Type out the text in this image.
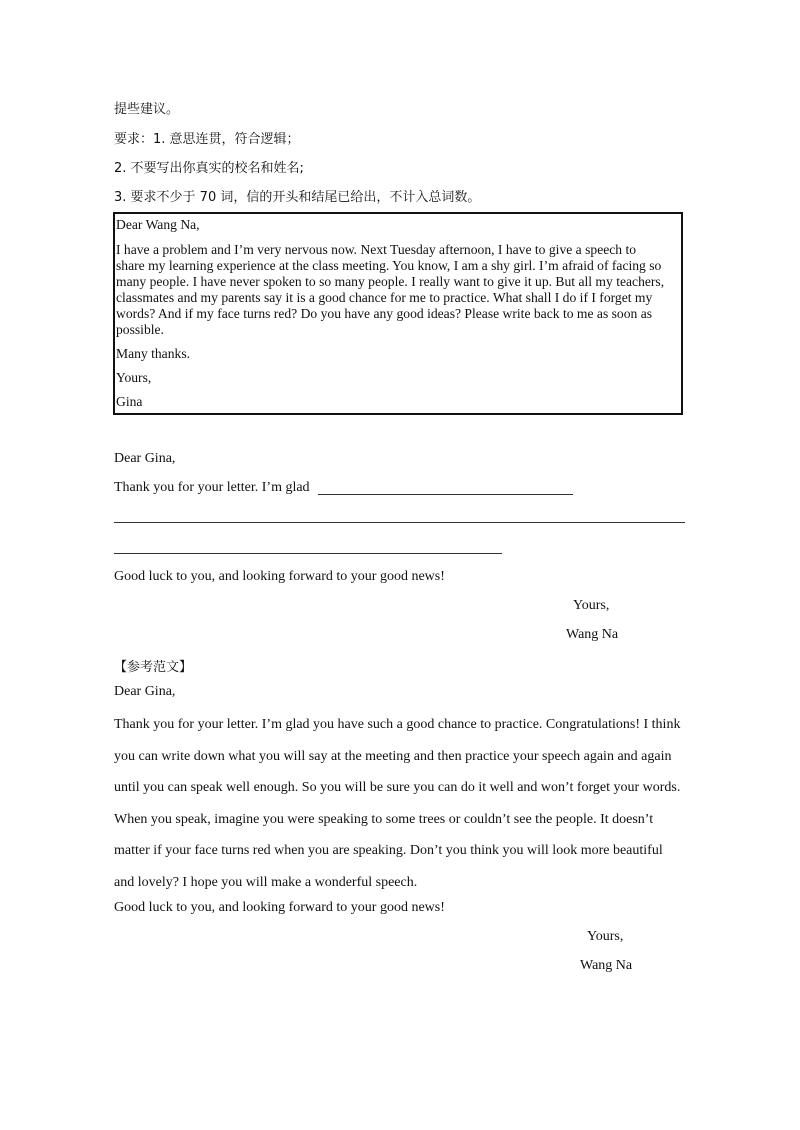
提些建议。
要求：1. 意思连贯，符合逻辑；
2. 不要写出你真实的校名和姓名;
3. 要求不少于 70 词，信的开头和结尾已给出，不计入总词数。

Dear Wang Na,

I have a problem and I’m very nervous now. Next Tuesday afternoon, I have to give a speech to

share my learning experience at the class meeting. You know, I am a shy girl. I’m afraid of facing so

many people. I have never spoken to so many people. I really want to give it up. But all my teachers,

classmates and my parents say it is a good chance for me to practice. What shall I do if I forget my

words? And if my face turns red? Do you have any good ideas? Please write back to me as soon as

possible.

Many thanks.

Yours,

Gina

Dear Gina,
Thank you for your letter. I’m glad
Good luck to you, and looking forward to your good news!
Yours,
Wang Na
【参考范文】
Dear Gina,

Thank you for your letter. I’m glad you have such a good chance to practice. Congratulations! I think

you can write down what you will say at the meeting and then practice your speech again and again

until you can speak well enough. So you will be sure you can do it well and won’t forget your words.

When you speak, imagine you were speaking to some trees or couldn’t see the people. It doesn’t

matter if your face turns red when you are speaking. Don’t you think you will look more beautiful

and lovely? I hope you will make a wonderful speech.

Good luck to you, and looking forward to your good news!
Yours,
Wang Na
